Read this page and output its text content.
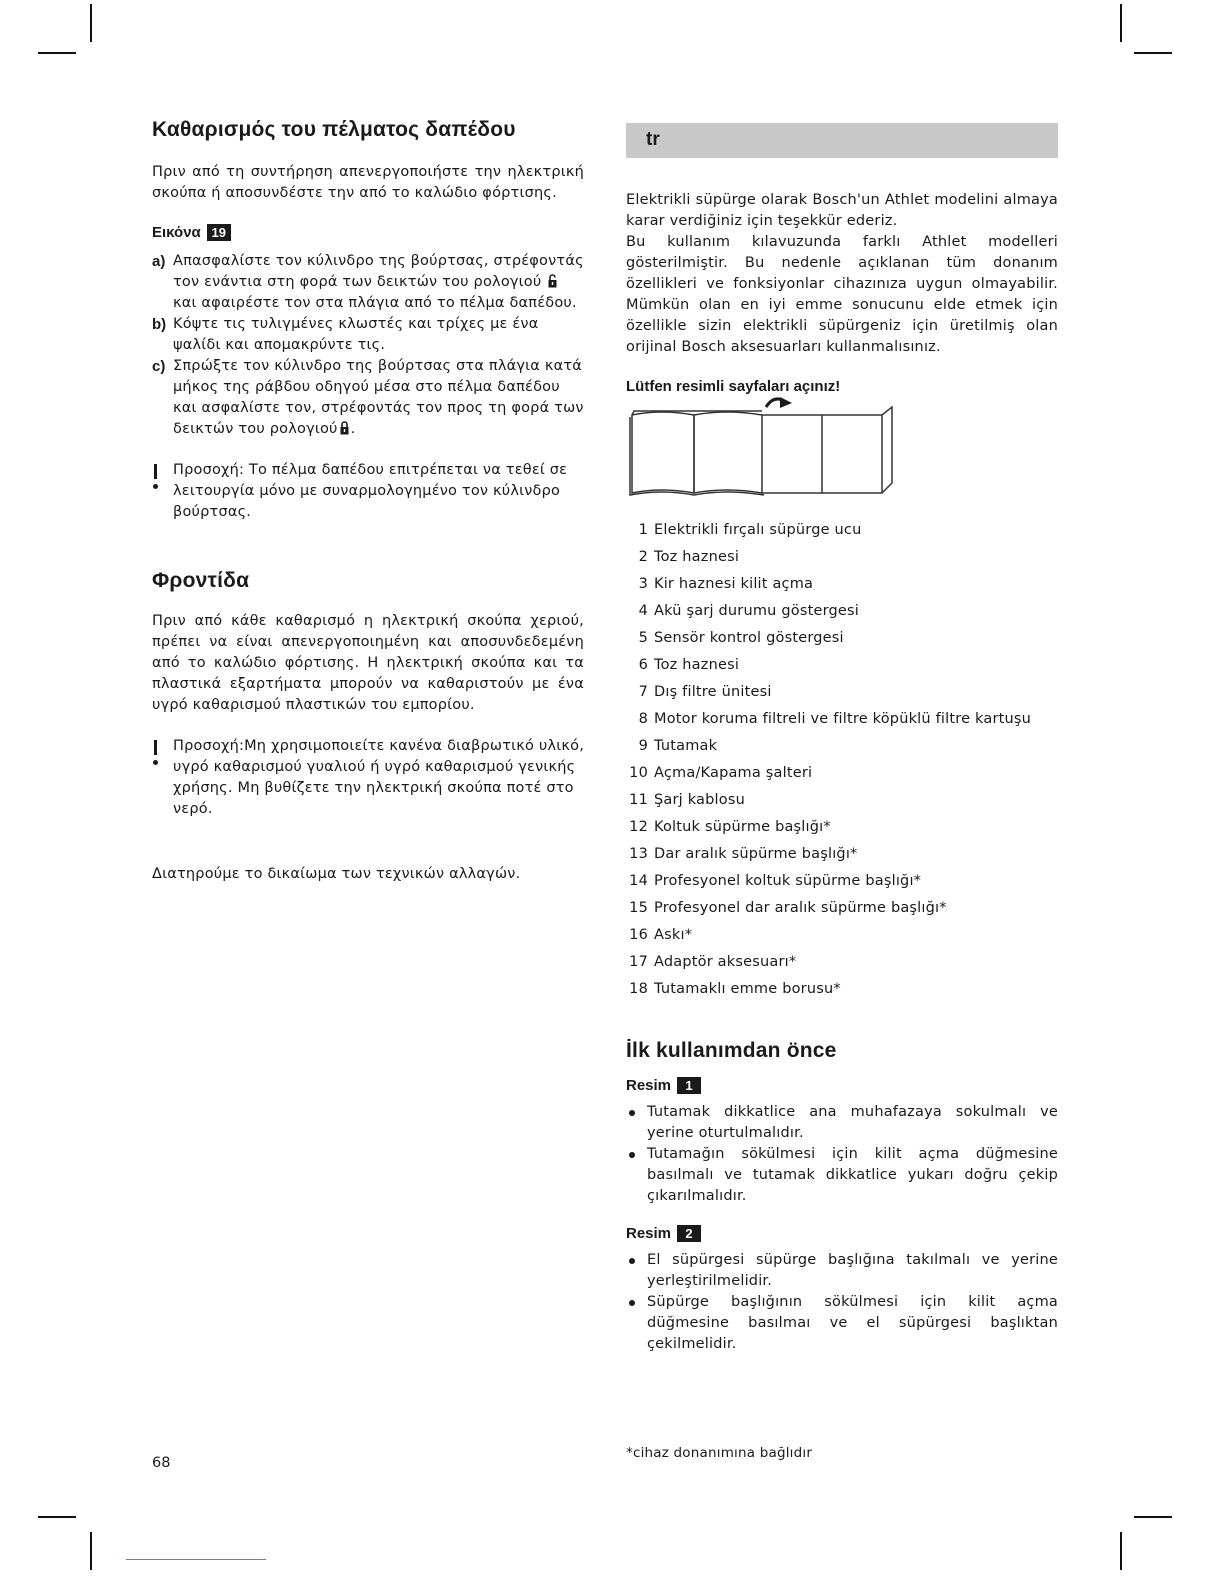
Καθαρισμός του πέλματος δαπέδου

Πριν από τη συντήρηση απενεργοποιήστε την ηλεκτρική σκούπα ή αποσυνδέστε την από το καλώδιο φόρτισης.

Εικόνα 19
a) Απασφαλίστε τον κύλινδρο της βούρτσας, στρέφοντάς τον ενάντια στη φορά των δεικτών του ρολογιού  και αφαιρέστε τον στα πλάγια από το πέλμα δαπέδου.
b) Κόψτε τις τυλιγμένες κλωστές και τρίχες με ένα ψαλίδι και απομακρύντε τις.
c) Σπρώξτε τον κύλινδρο της βούρτσας στα πλάγια κατά μήκος της ράβδου οδηγού μέσα στο πέλμα δαπέδου και ασφαλίστε τον, στρέφοντάς τον προς τη φορά των δεικτών του ρολογιού .
Προσοχή: Το πέλμα δαπέδου επιτρέπεται να τεθεί σε λειτουργία μόνο με συναρμολογημένο τον κύλινδρο βούρτσας.
Φροντίδα

Πριν από κάθε καθαρισμό η ηλεκτρική σκούπα χεριού, πρέπει να είναι απενεργοποιημένη και αποσυνδεδεμένη από το καλώδιο φόρτισης. Η ηλεκτρική σκούπα και τα πλαστικά εξαρτήματα μπορούν να καθαριστούν με ένα υγρό καθαρισμού πλαστικών του εμπορίου.

Προσοχή:Μη χρησιμοποιείτε κανένα διαβρωτικό υλικό, υγρό καθαρισμού γυαλιού ή υγρό καθαρισμού γενικής χρήσης. Μη βυθίζετε την ηλεκτρική σκούπα ποτέ στο νερό.

Διατηρούμε το δικαίωμα των τεχνικών αλλαγών.

68
tr

Elektrikli süpürge olarak Bosch'un Athlet modelini almaya karar verdiğiniz için teşekkür ederiz.

Bu kullanım kılavuzunda farklı Athlet modelleri gösterilmiştir. Bu nedenle açıklanan tüm donanım özellikleri ve fonksiyonlar cihazınıza uygun olmayabilir. Mümkün olan en iyi emme sonucunu elde etmek için özellikle sizin elektrikli süpürgeniz için üretilmiş olan orijinal Bosch aksesuarları kullanmalısınız.

Lütfen resimli sayfaları açınız!
1 Elektrikli fırçalı süpürge ucu
2 Toz haznesi
3 Kir haznesi kilit açma
4 Akü şarj durumu göstergesi
5 Sensör kontrol göstergesi
6 Toz haznesi
7 Dış filtre ünitesi
8 Motor koruma filtreli ve filtre köpüklü filtre kartuşu
9 Tutamak
10 Açma/Kapama şalteri
11 Şarj kablosu
12 Koltuk süpürme başlığı*
13 Dar aralık süpürme başlığı*
14 Profesyonel koltuk süpürme başlığı*
15 Profesyonel dar aralık süpürme başlığı*
16 Askı*
17 Adaptör aksesuarı*
18 Tutamaklı emme borusu*
İlk kullanımdan önce
Resim	1
Tutamak dikkatlice ana muhafazaya sokulmalı ve yerine oturtulmalıdır.
Tutamağın sökülmesi için kilit açma düğmesine basılmalı ve tutamak dikkatlice yukarı doğru çekip çıkarılmalıdır.
Resim	2
El süpürgesi süpürge başlığına takılmalı ve yerine yerleştirilmelidir.
Süpürge başlığının sökülmesi için kilit açma düğmesine basılmaı ve el süpürgesi başlıktan çekilmelidir.
*cihaz donanımına bağlıdır
